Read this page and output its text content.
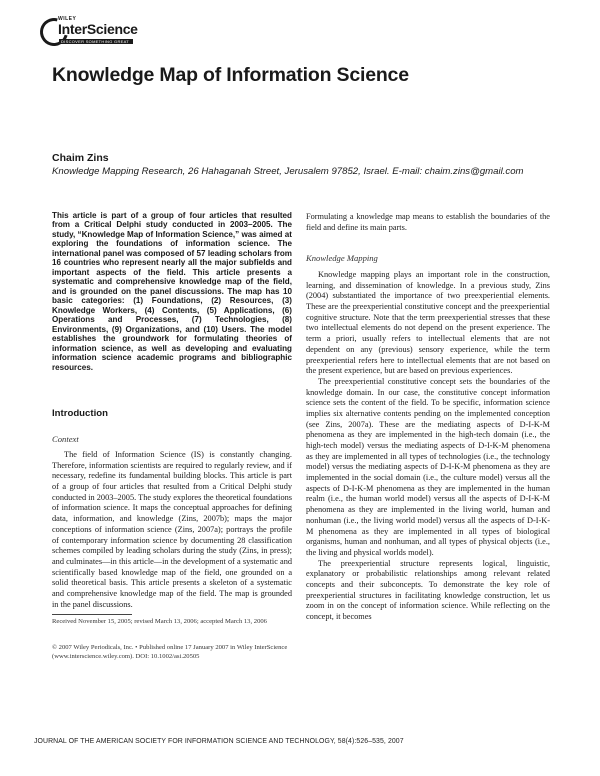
WILEY
InterScience
DISCOVER SOMETHING GREAT
Knowledge Map of Information Science
Chaim Zins
Knowledge Mapping Research, 26 Hahaganah Street, Jerusalem 97852, Israel. E-mail: chaim.zins@gmail.com
This article is part of a group of four articles that resulted from a Critical Delphi study conducted in 2003–2005. The study, “Knowledge Map of Information Science,” was aimed at exploring the foundations of information science. The international panel was composed of 57 leading scholars from 16 countries who represent nearly all the major subfields and important aspects of the field. This article presents a systematic and comprehensive knowledge map of the field, and is grounded on the panel discussions. The map has 10 basic categories: (1) Foundations, (2) Resources, (3) Knowledge Workers, (4) Contents, (5) Applications, (6) Operations and Processes, (7) Technologies, (8) Environments, (9) Organizations, and (10) Users. The model establishes the groundwork for formulating theories of information science, as well as developing and evaluating information science academic programs and bibliographic resources.
Introduction
Context

The field of Information Science (IS) is constantly changing. Therefore, information scientists are required to regularly review, and if necessary, redefine its fundamental building blocks. This article is part of a group of four articles that resulted from a Critical Delphi study conducted in 2003–2005. The study explores the theoretical foundations of information science. It maps the conceptual approaches for defining data, information, and knowledge (Zins, 2007b); maps the major conceptions of information science (Zins, 2007a); portrays the profile of contemporary information science by documenting 28 classification schemes compiled by leading scholars during the study (Zins, in press); and culminates—in this article—in the development of a systematic and scientifically based knowledge map of the field, one grounded on a solid theoretical basis. This article presents a skeleton of a systematic and comprehensive knowledge map of the field. The map is grounded in the panel discussions.

Received November 15, 2005; revised March 13, 2006; accepted March 13, 2006
© 2007 Wiley Periodicals, Inc. • Published online 17 January 2007 in Wiley InterScience (www.interscience.wiley.com). DOI: 10.1002/asi.20505
Formulating a knowledge map means to establish the boundaries of the field and define its main parts.
Knowledge Mapping

Knowledge mapping plays an important role in the construction, learning, and dissemination of knowledge. In a previous study, Zins (2004) substantiated the importance of two preexperiential elements. These are the preexperiential constitutive concept and the preexperiential cognitive structure. Note that the term preexperiential stresses that these two intellectual elements do not depend on the present experience. The term a priori, usually refers to intellectual elements that are not dependent on any (previous) sensory experience, while the term preexperiential refers here to intellectual elements that are not based on the present experience, but are based on previous experiences.

The preexperiential constitutive concept sets the boundaries of the knowledge domain. In our case, the constitutive concept information science sets the content of the field. To be specific, information science implies six alternative contents pending on the implemented conception (see Zins, 2007a). These are the mediating aspects of D-I-K-M phenomena as they are implemented in the high-tech domain (i.e., the high-tech model) versus the mediating aspects of D-I-K-M phenomena as they are implemented in all types of technologies (i.e., the technology model) versus the mediating aspects of D-I-K-M phenomena as they are implemented in the social domain (i.e., the culture model) versus all the aspects of D-I-K-M phenomena as they are implemented in the human realm (i.e., the human world model) versus all the aspects of D-I-K-M phenomena as they are implemented in the living world, human and nonhuman (i.e., the living world model) versus all the aspects of D-I-K-M phenomena as they are implemented in all types of biological organisms, human and nonhuman, and all types of physical objects (i.e., the living and physical worlds model).

The preexperiential structure represents logical, linguistic, explanatory or probabilistic relationships among relevant related concepts and their subconcepts. To demonstrate the key role of preexperiential structures in facilitating knowledge construction, let us zoom in on the concept of information science. While reflecting on the concept, it becomes

JOURNAL OF THE AMERICAN SOCIETY FOR INFORMATION SCIENCE AND TECHNOLOGY, 58(4):526–535, 2007
